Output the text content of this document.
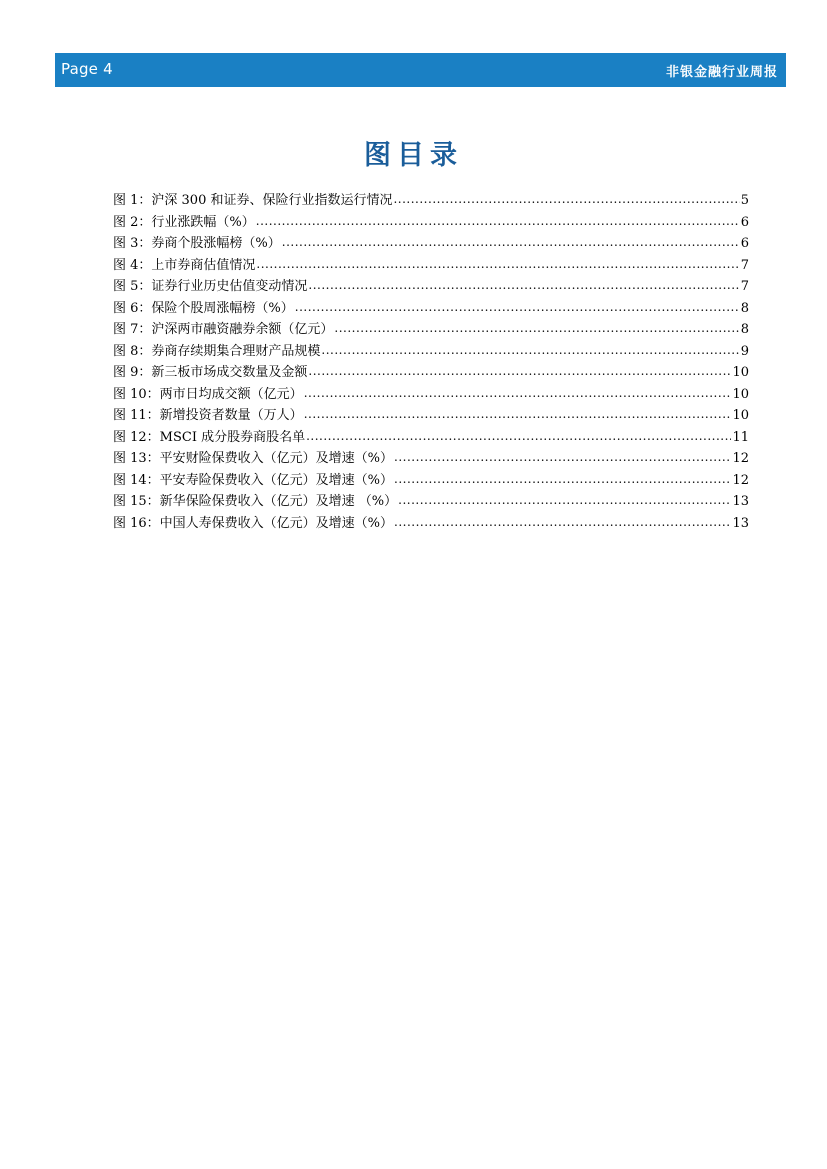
Page 4	非银金融行业周报
图目录
图 1：沪深 300 和证券、保险行业指数运行情况 .....	5
图 2：行业涨跌幅（%） .....	6
图 3：券商个股涨幅榜（%） .....	6
图 4：上市券商估值情况 .....	7
图 5：证券行业历史估值变动情况 .....	7
图 6：保险个股周涨幅榜（%） .....	8
图 7：沪深两市融资融券余额（亿元） .....	8
图 8：券商存续期集合理财产品规模 .....	9
图 9：新三板市场成交数量及金额 .....	10
图 10：两市日均成交额（亿元） .....	10
图 11：新增投资者数量（万人） .....	10
图 12：MSCI 成分股券商股名单 .....	11
图 13：平安财险保费收入（亿元）及增速（%） .....	12
图 14：平安寿险保费收入（亿元）及增速（%） .....	12
图 15：新华保险保费收入（亿元）及增速 （%） .....	13
图 16：中国人寿保费收入（亿元）及增速（%） .....	13
